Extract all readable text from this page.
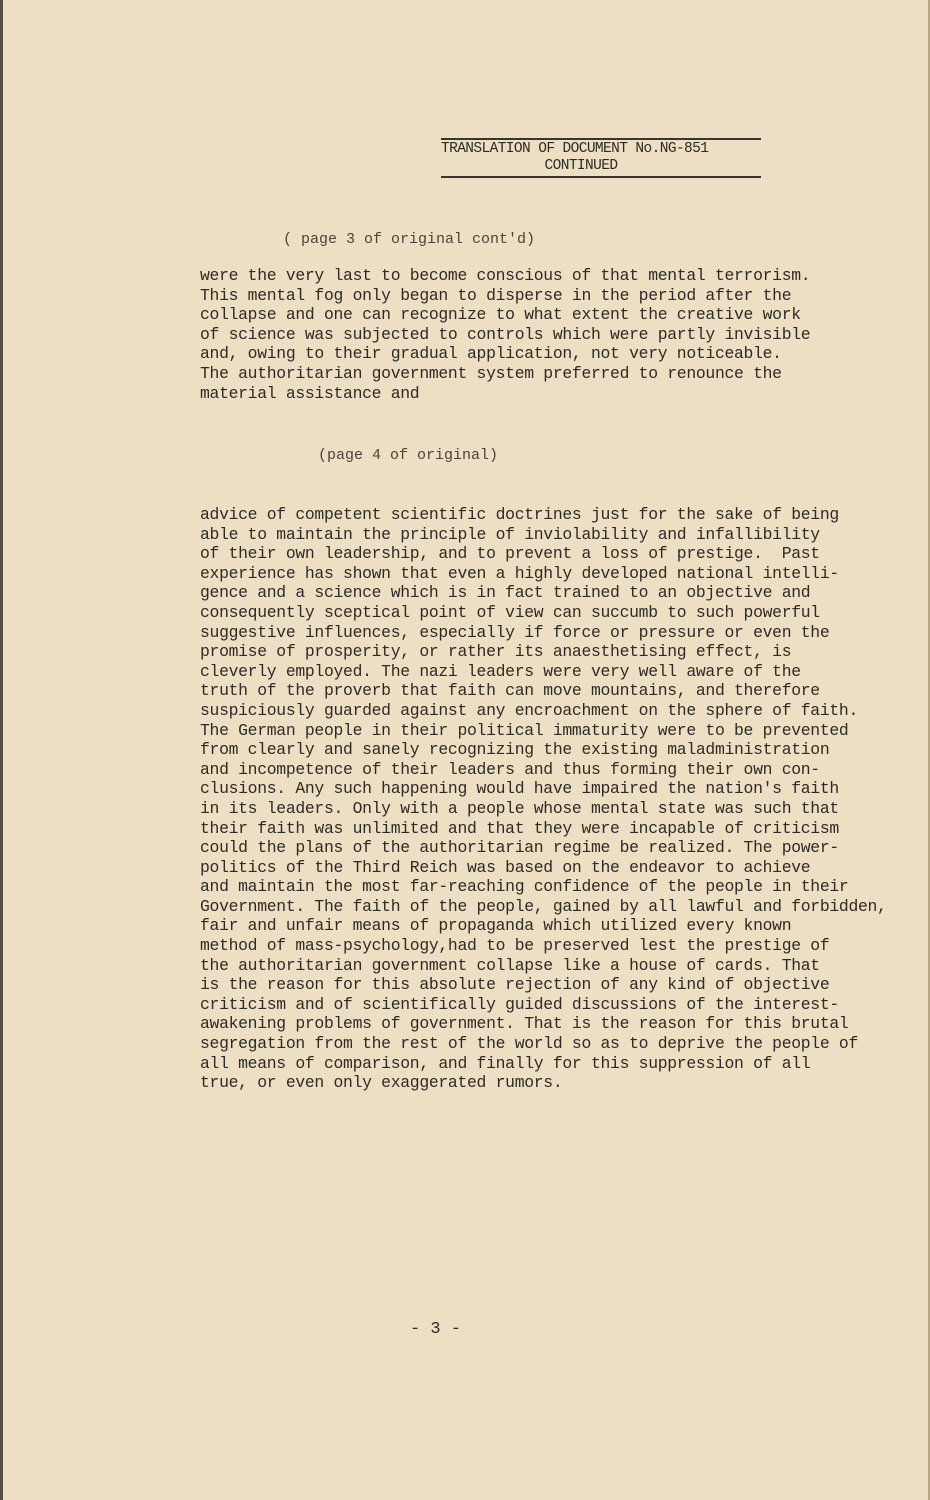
TRANSLATION OF DOCUMENT No.NG-851
CONTINUED
( page 3 of original cont'd)
were the very last to become conscious of that mental terrorism.
This mental fog only began to disperse in the period after the
collapse and one can recognize to what extent the creative work
of science was subjected to controls which were partly invisible
and, owing to their gradual application, not very noticeable.
The authoritarian government system preferred to renounce the
material assistance and
(page 4 of original)
advice of competent scientific doctrines just for the sake of being
able to maintain the principle of inviolability and infallibility
of their own leadership, and to prevent a loss of prestige.  Past
experience has shown that even a highly developed national intelli-
gence and a science which is in fact trained to an objective and
consequently sceptical point of view can succumb to such powerful
suggestive influences, especially if force or pressure or even the
promise of prosperity, or rather its anaesthetising effect, is
cleverly employed. The nazi leaders were very well aware of the
truth of the proverb that faith can move mountains, and therefore
suspiciously guarded against any encroachment on the sphere of faith.
The German people in their political immaturity were to be prevented
from clearly and sanely recognizing the existing maladministration
and incompetence of their leaders and thus forming their own con-
clusions. Any such happening would have impaired the nation's faith
in its leaders. Only with a people whose mental state was such that
their faith was unlimited and that they were incapable of criticism
could the plans of the authoritarian regime be realized. The power-
politics of the Third Reich was based on the endeavor to achieve
and maintain the most far-reaching confidence of the people in their
Government. The faith of the people, gained by all lawful and forbidden,
fair and unfair means of propaganda which utilized every known
method of mass-psychology,had to be preserved lest the prestige of
the authoritarian government collapse like a house of cards. That
is the reason for this absolute rejection of any kind of objective
criticism and of scientifically guided discussions of the interest-
awakening problems of government. That is the reason for this brutal
segregation from the rest of the world so as to deprive the people of
all means of comparison, and finally for this suppression of all
true, or even only exaggerated rumors.
- 3 -
